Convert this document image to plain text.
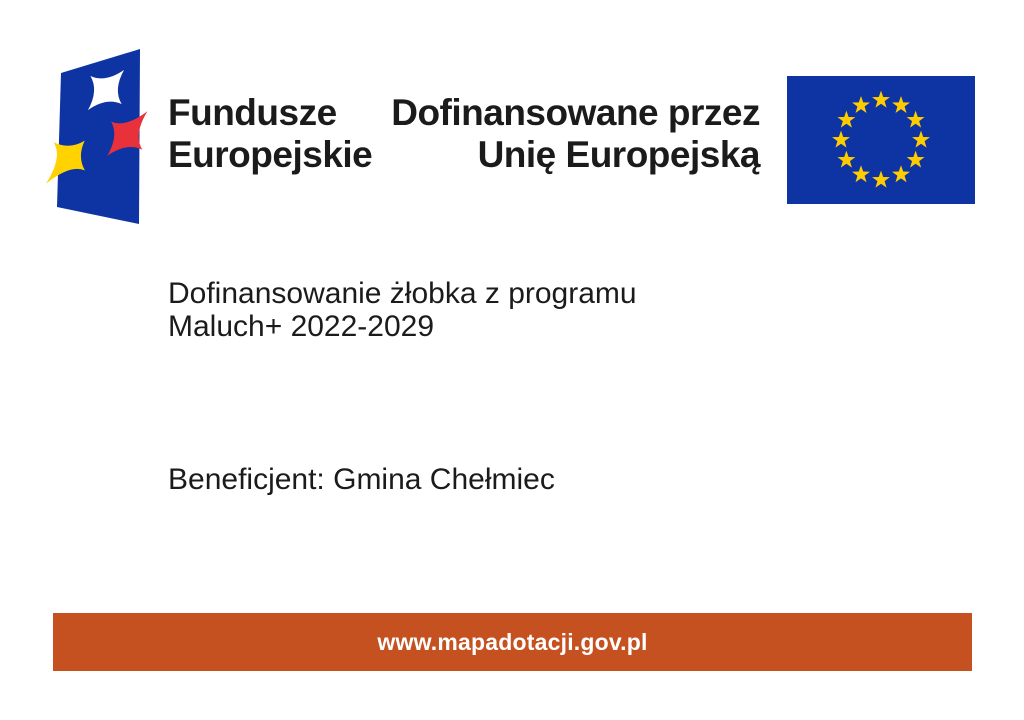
Fundusze
Europejskie
Dofinansowane przez
Unię Europejską
Dofinansowanie żłobka z programu
Maluch+ 2022-2029
Beneficjent: Gmina Chełmiec
www.mapadotacji.gov.pl
